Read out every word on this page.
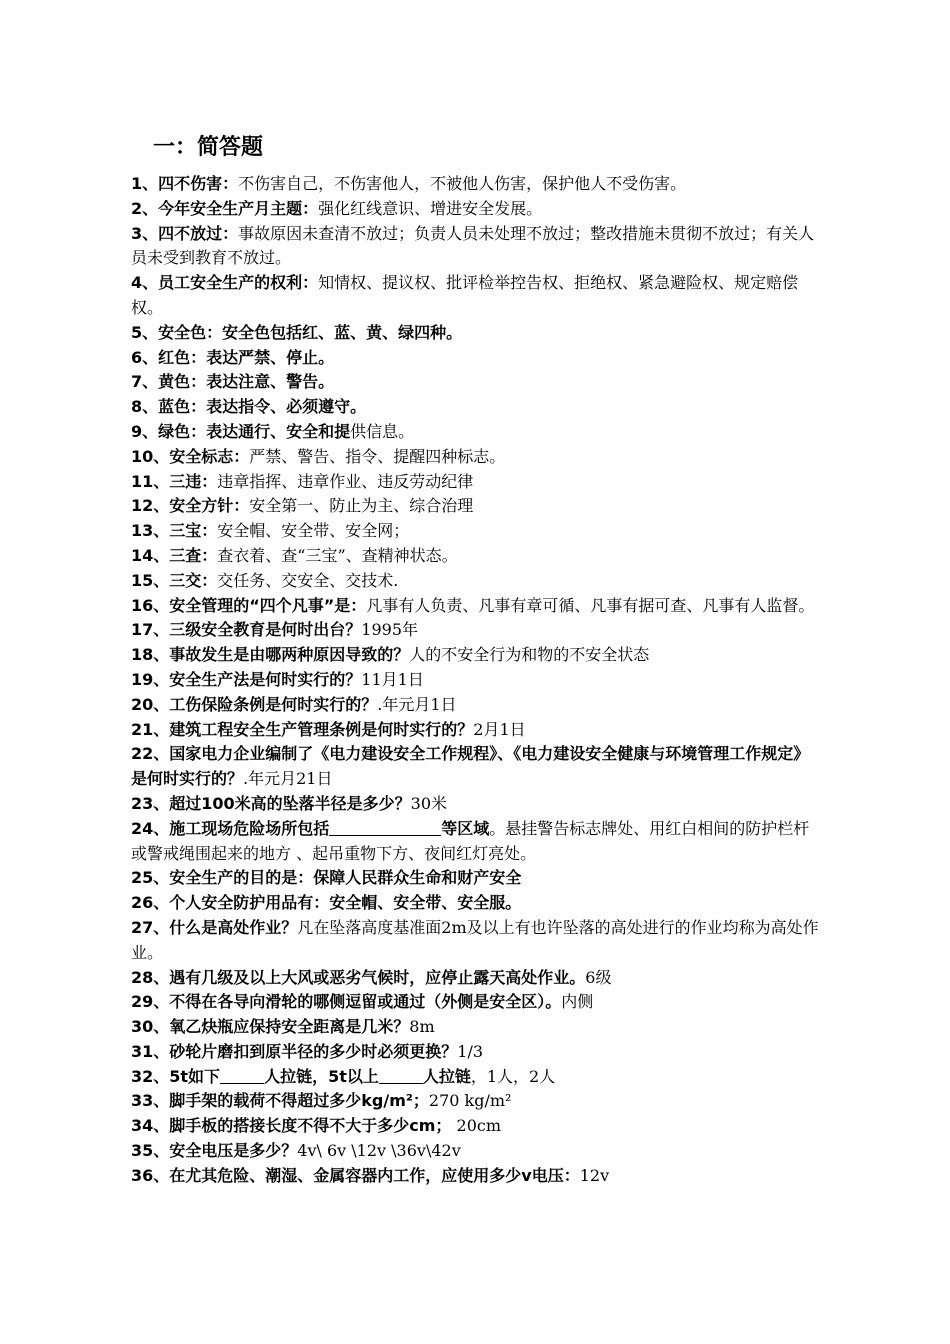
一：简答题
1、四不伤害：不伤害自己，不伤害他人，不被他人伤害，保护他人不受伤害。
2、今年安全生产月主题：强化红线意识、增进安全发展。
3、四不放过：事故原因未查清不放过；负责人员未处理不放过；整改措施未贯彻不放过；有关人员未受到教育不放过。
4、员工安全生产的权利：知情权、提议权、批评检举控告权、拒绝权、紧急避险权、规定赔偿权。
5、安全色：安全色包括红、蓝、黄、绿四种。
6、红色：表达严禁、停止。
7、黄色：表达注意、警告。
8、蓝色：表达指令、必须遵守。
9、绿色：表达通行、安全和提供信息。
10、安全标志：严禁、警告、指令、提醒四种标志。
11、三违：违章指挥、违章作业、违反劳动纪律
12、安全方针：安全第一、防止为主、综合治理
13、三宝：安全帽、安全带、安全网；
14、三查：查衣着、查“三宝”、查精神状态。
15、三交：交任务、交安全、交技术.
16、安全管理的“四个凡事”是：凡事有人负责、凡事有章可循、凡事有据可查、凡事有人监督。
17、三级安全教育是何时出台？1995年
18、事故发生是由哪两种原因导致的？人的不安全行为和物的不安全状态
19、安全生产法是何时实行的？11月1日
20、工伤保险条例是何时实行的？.年元月1日
21、建筑工程安全生产管理条例是何时实行的？2月1日
22、国家电力企业编制了《电力建设安全工作规程》、《电力建设安全健康与环境管理工作规定》是何时实行的？.年元月21日
23、超过100米高的坠落半径是多少？30米
24、施工现场危险场所包括	等区域。悬挂警告标志牌处、用红白相间的防护栏杆或警戒绳围起来的地方 、起吊重物下方、夜间红灯亮处。
25、安全生产的目的是：保障人民群众生命和财产安全
26、个人安全防护用品有：安全帽、安全带、安全服。
27、什么是高处作业？凡在坠落高度基准面2m及以上有也许坠落的高处进行的作业均称为高处作业。
28、遇有几级及以上大风或恶劣气候时，应停止露天高处作业。6级
29、不得在各导向滑轮的哪侧逗留或通过（外侧是安全区）。内侧
30、氧乙炔瓶应保持安全距离是几米？8m
31、砂轮片磨扣到原半径的多少时必须更换？1/3
32、5t如下	人拉链，5t以上	人拉链，1人，2人
33、脚手架的载荷不得超过多少kg/m²；270 kg/m²
34、脚手板的搭接长度不得不大于多少cm； 20cm
35、安全电压是多少？4v\ 6v \12v \36v\42v
36、在尤其危险、潮湿、金属容器内工作，应使用多少v电压：12v
